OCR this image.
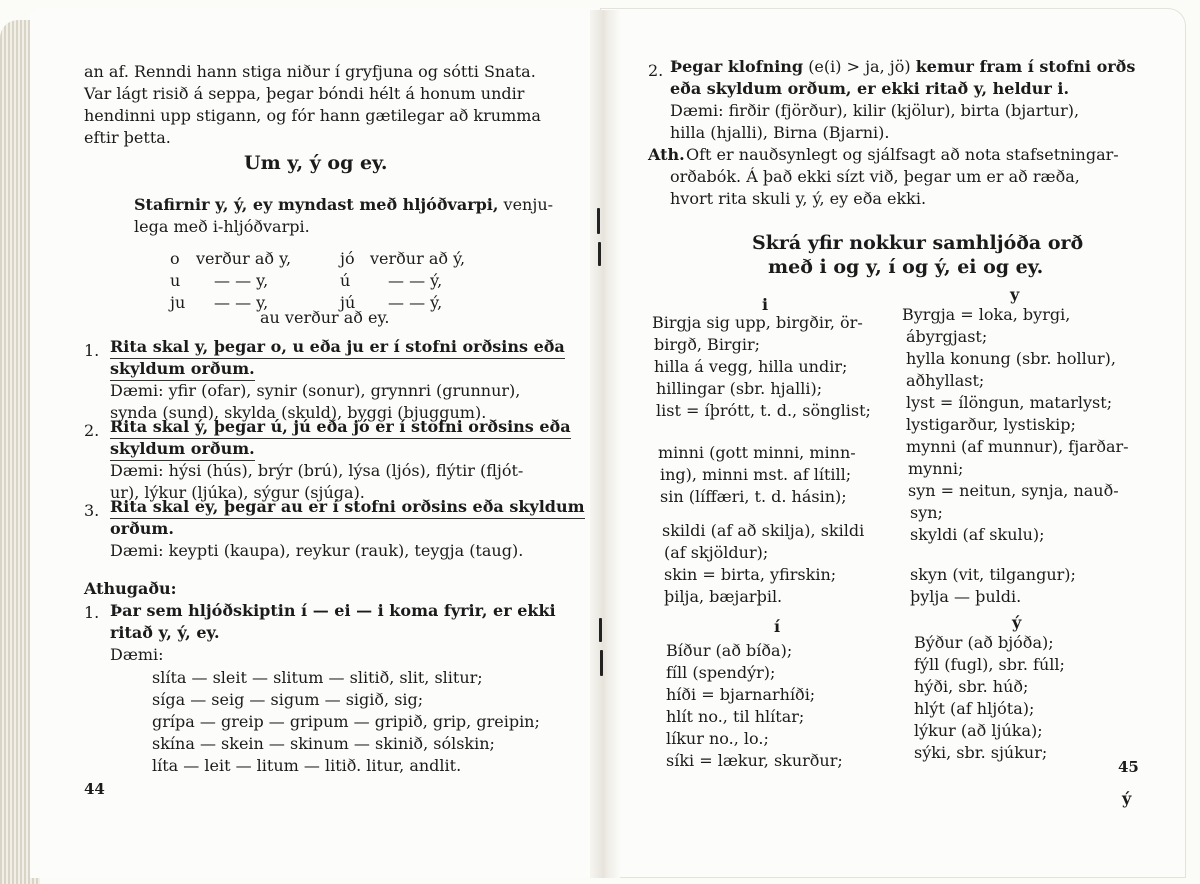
an af. Renndi hann stiga niður í gryfjuna og sótti Snata.
Var lágt risið á seppa, þegar bóndi hélt á honum undir
hendinni upp stigann, og fór hann gætilegar að krumma
eftir þetta.
Um y, ý og ey.
Stafirnir y, ý, ey myndast með hljóðvarpi, venju-
lega með i-hljóðvarpi.
o verður að y,	jó verður að ý,
u — — y,	ú — — ý,
ju — — y,	jú — — ý,
au verður að ey.
1. Rita skal y, þegar o, u eða ju er í stofni orðsins eða
skyldum orðum.
Dæmi: yfir (ofar), synir (sonur), grynnri (grunnur),
synda (sund), skylda (skuld), byggi (bjuggum).
2. Rita skal ý, þegar ú, jú eða jó er í stofni orðsins eða
skyldum orðum.
Dæmi: hýsi (hús), brýr (brú), lýsa (ljós), flýtir (fljót-
ur), lýkur (ljúka), sýgur (sjúga).
3. Rita skal ey, þegar au er í stofni orðsins eða skyldum
orðum.
Dæmi: keypti (kaupa), reykur (rauk), teygja (taug).
Athugaðu:
1. Þar sem hljóðskiptin í — ei — i koma fyrir, er ekki
ritað y, ý, ey.
Dæmi:
slíta — sleit — slitum — slitið, slit, slitur;
síga — seig — sigum — sigið, sig;
grípa — greip — gripum — gripið, grip, greipin;
skína — skein — skinum — skinið, sólskin;
líta — leit — litum — litið. litur, andlit.
44
2. Þegar klofning (e(i) > ja, jö) kemur fram í stofni orðs
eða skyldum orðum, er ekki ritað y, heldur i.
Dæmi: firðir (fjörður), kilir (kjölur), birta (bjartur),
hilla (hjalli), Birna (Bjarni).
Ath. Oft er nauðsynlegt og sjálfsagt að nota stafsetningar-
orðabók. Á það ekki sízt við, þegar um er að ræða,
hvort rita skuli y, ý, ey eða ekki.
Skrá yfir nokkur samhljóða orð
með i og y, í og ý, ei og ey.
i
y
Birgja sig upp, birgðir, ör-
birgð, Birgir;
hilla á vegg, hilla undir;
hillingar (sbr. hjalli);
list = íþrótt, t. d., sönglist;
minni (gott minni, minn-
ing), minni mst. af lítill;
sin (líffæri, t. d. hásin);
skildi (af að skilja), skildi
(af skjöldur);
skin = birta, yfirskin;
þilja, bæjarþil.
Byrgja = loka, byrgi,
ábyrgjast;
hylla konung (sbr. hollur),
aðhyllast;
lyst = ílöngun, matarlyst;
lystigarður, lystiskip;
mynni (af munnur), fjarðar-
mynni;
syn = neitun, synja, nauð-
syn;
skyldi (af skulu);
skyn (vit, tilgangur);
þylja — þuldi.
í	ý
Bíður (að bíða);
fíll (spendýr);
híði = bjarnarhíði;
hlít no., til hlítar;
líkur no., lo.;
síki = lækur, skurður;
Býður (að bjóða);
fýll (fugl), sbr. fúll;
hýði, sbr. húð;
hlýt (af hljóta);
lýkur (að ljúka);
sýki, sbr. sjúkur;
45
ý
